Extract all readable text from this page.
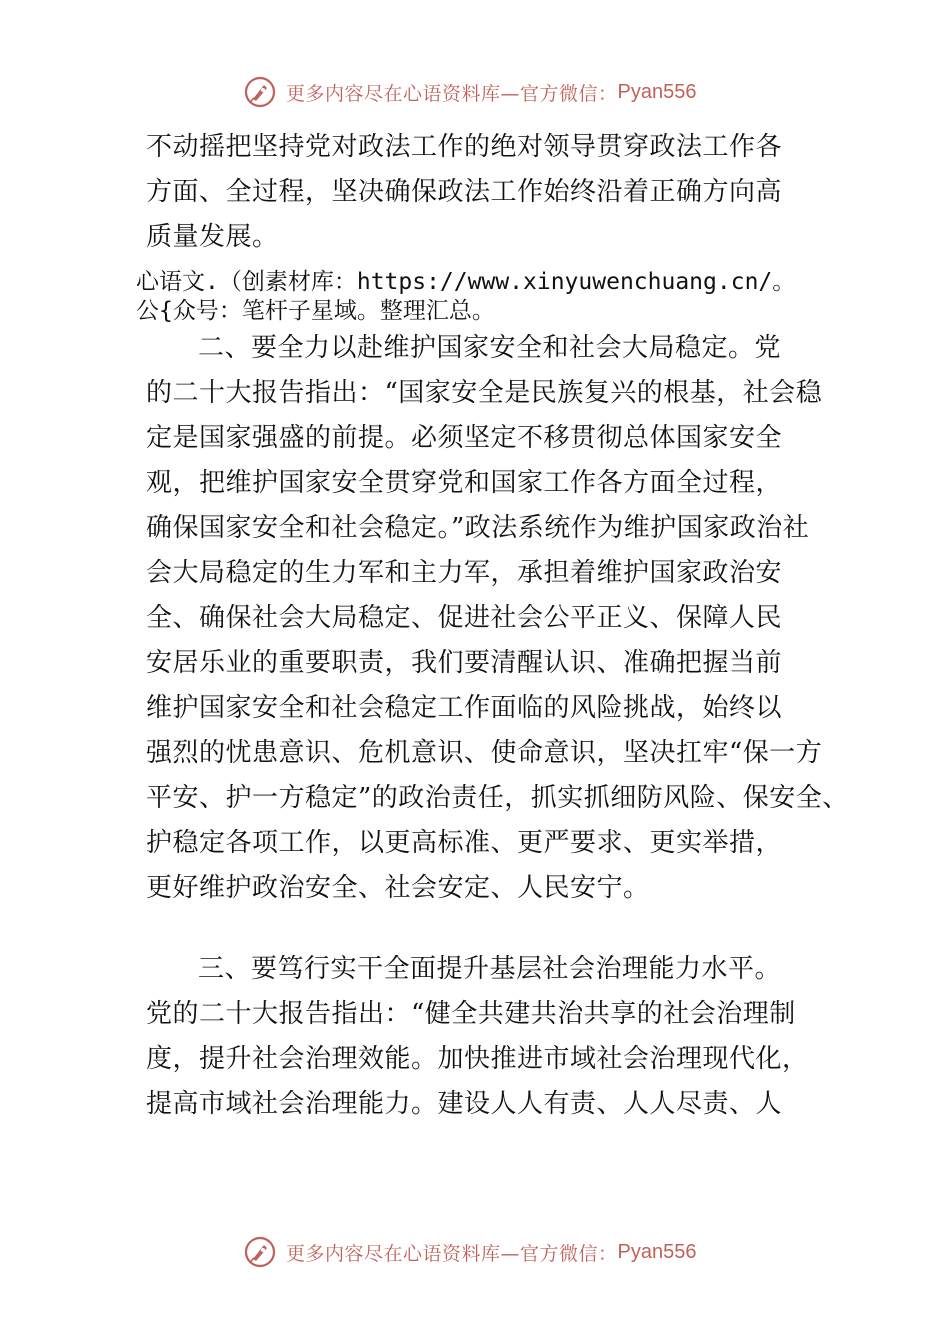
更多内容尽在心语资料库—官方微信： Pyan556

不动摇把坚持党对政法工作的绝对领导贯穿政法工作各
方面、全过程，坚决确保政法工作始终沿着正确方向高
质量发展。

心语文.（创素材库：https://www.xinyuwenchuang.cn/。
公{众号：笔杆子星域。整理汇总。

二、要全力以赴维护国家安全和社会大局稳定。党
的二十大报告指出：“国家安全是民族复兴的根基，社会稳
定是国家强盛的前提。必须坚定不移贯彻总体国家安全
观，把维护国家安全贯穿党和国家工作各方面全过程，
确保国家安全和社会稳定。”政法系统作为维护国家政治社
会大局稳定的生力军和主力军，承担着维护国家政治安
全、确保社会大局稳定、促进社会公平正义、保障人民
安居乐业的重要职责，我们要清醒认识、准确把握当前
维护国家安全和社会稳定工作面临的风险挑战，始终以
强烈的忧患意识、危机意识、使命意识，坚决扛牢“保一方
平安、护一方稳定”的政治责任，抓实抓细防风险、保安全、
护稳定各项工作，以更高标准、更严要求、更实举措，
更好维护政治安全、社会安定、人民安宁。

三、要笃行实干全面提升基层社会治理能力水平。
党的二十大报告指出：“健全共建共治共享的社会治理制
度，提升社会治理效能。加快推进市域社会治理现代化，
提高市域社会治理能力。建设人人有责、人人尽责、人

更多内容尽在心语资料库—官方微信： Pyan556
